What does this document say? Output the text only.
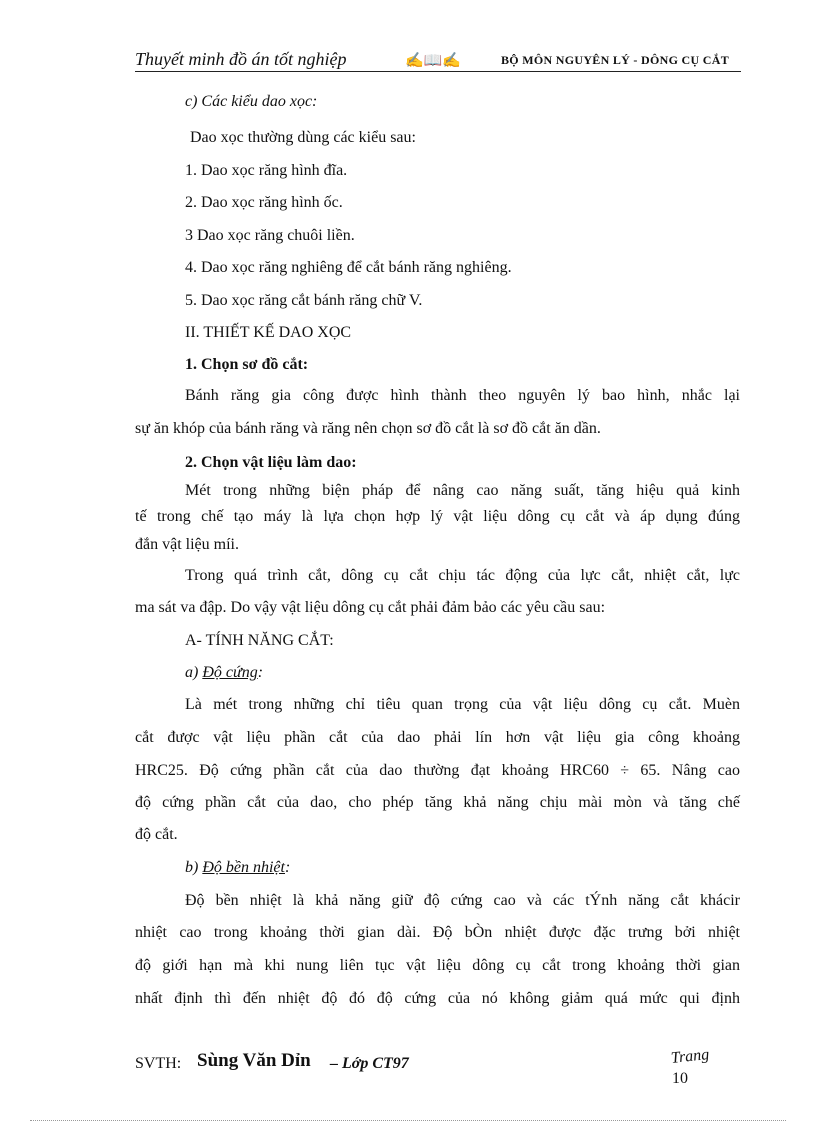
Thuyết minh đồ án tốt nghiệp	✍📖✍	BỘ MÔN NGUYÊN LÝ - DÔNG CỤ CẮT
c) Các kiểu dao xọc:
Dao xọc thường dùng các kiểu sau:
1. Dao xọc răng hình đĩa.
2. Dao xọc răng hình ốc.
3 Dao xọc răng chuôi liền.
4. Dao xọc răng nghiêng để cắt bánh răng nghiêng.
5. Dao xọc răng cắt bánh răng chữ V.
II. THIẾT KẾ DAO XỌC
1. Chọn sơ đồ cắt:
Bánh răng gia công được hình thành theo nguyên lý bao hình, nhắc lại
sự ăn khóp của bánh răng và răng nên chọn sơ đồ cắt là sơ đồ cắt ăn dần.
2. Chọn vật liệu làm dao:
Mét trong những biện pháp để nâng cao năng suất, tăng hiệu quả kinh
tế trong chế tạo máy là lựa chọn hợp lý vật liệu dông cụ cắt và áp dụng đúng
đắn vật liệu míi.
Trong quá trình cắt, dông cụ cắt chịu tác động của lực cắt, nhiệt cắt, lực
ma sát va đập. Do vậy vật liệu dông cụ cắt phải đảm bảo các yêu cầu sau:
A- TÍNH NĂNG CẮT:
a) Độ cứng:
Là mét trong những chỉ tiêu quan trọng của vật liệu dông cụ cắt. Muèn
cắt được vật liệu phần cắt của dao phải lín hơn vật liệu gia công khoảng
HRC25. Độ cứng phần cắt của dao thường đạt khoảng HRC60 ÷ 65. Nâng cao
độ cứng phần cắt của dao, cho phép tăng khả năng chịu mài mòn và tăng chế
độ cắt.
b) Độ bền nhiệt:
Độ bền nhiệt là khả năng giữ độ cứng cao và các tÝnh năng cắt khácir
nhiệt cao trong khoảng thời gian dài. Độ bÒn nhiệt được đặc trưng bởi nhiệt
độ giới hạn mà khi nung liên tục vật liệu dông cụ cắt trong khoảng thời gian
nhất định thì đến nhiệt độ đó độ cứng của nó không giảm quá mức qui định
SVTH: Sùng Văn Dỉn – Lớp CT97	Trang
10
